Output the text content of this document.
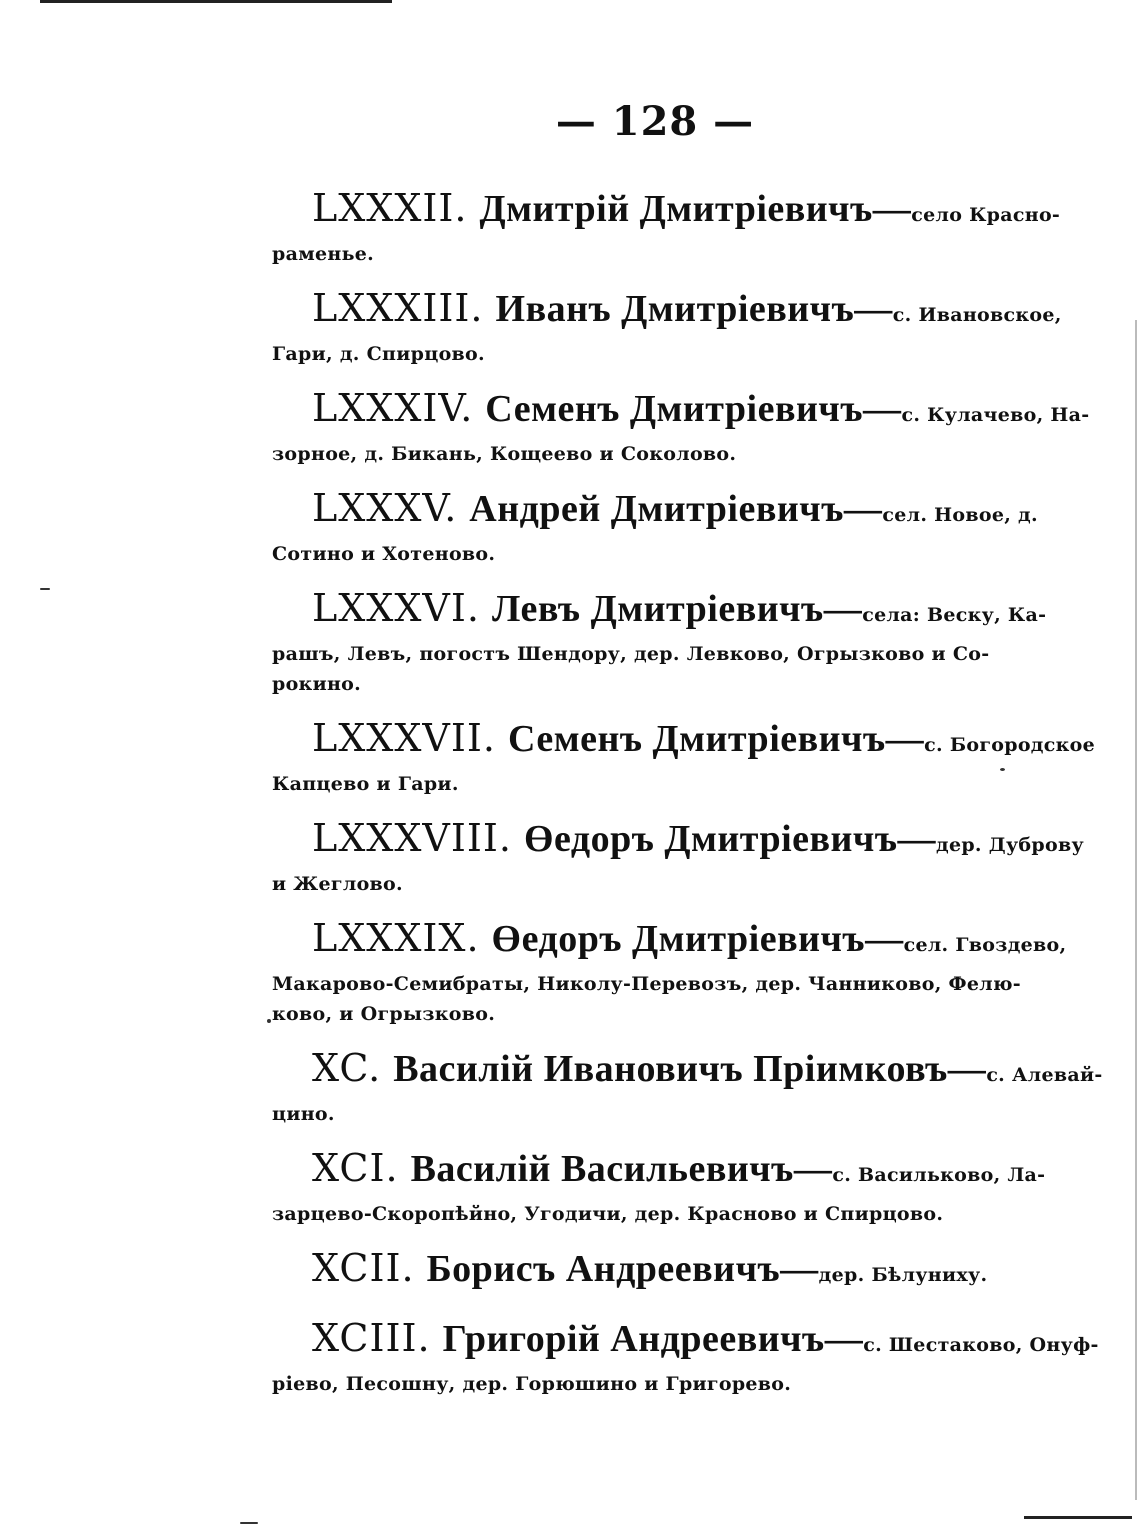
— 128 —

LXXXII. Дмитрій Дмитріевичъ—село Красно-
раменье.

LXXXIII. Иванъ Дмитріевичъ—с. Ивановское,
Гари, д. Спирцово.

LXXXIV. Семенъ Дмитріевичъ—с. Кулачево, На-
зорное, д. Бикань, Кощеево и Соколово.

LXXXV. Андрей Дмитріевичъ—сел. Новое, д.
Сотино и Хотеново.

LXXXVI. Левъ Дмитріевичъ—села: Веску, Ка-
рашъ, Левъ, погостъ Шендору, дер. Левково, Огрызково и Со-
рокино.

LXXXVII. Семенъ Дмитріевичъ—с. Богородское
Капцево и Гари.

LXXXVIII. Өедоръ Дмитріевичъ—дер. Дуброву
и Жеглово.

LXXXIX. Өедоръ Дмитріевичъ—сел. Гвоздево,
Макарово-Семибраты, Николу-Перевозъ, дер. Чанниково, Фелю-
ково, и Огрызково.

XC. Василій Ивановичъ Пріимковъ—с. Алевай-
цино.

XCI. Василій Васильевичъ—с. Васильково, Ла-
зарцево-Скоропѣйно, Угодичи, дер. Красново и Спирцово.

XCII. Борисъ Андреевичъ—дер. Бѣлуниху.

XCIII. Григорій Андреевичъ—с. Шестаково, Онуф-
ріево, Песошну, дер. Горюшино и Григорево.
